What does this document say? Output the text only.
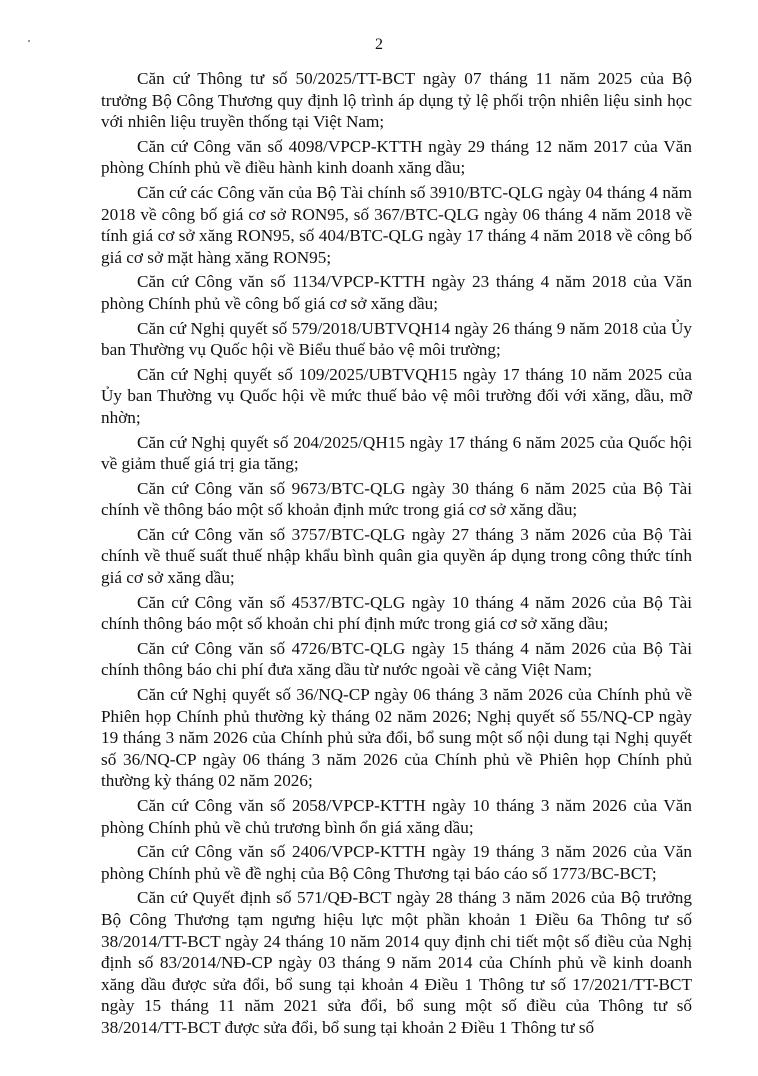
2

Căn cứ Thông tư số 50/2025/TT-BCT ngày 07 tháng 11 năm 2025 của Bộ trưởng Bộ Công Thương quy định lộ trình áp dụng tỷ lệ phối trộn nhiên liệu sinh học với nhiên liệu truyền thống tại Việt Nam;

Căn cứ Công văn số 4098/VPCP-KTTH ngày 29 tháng 12 năm 2017 của Văn phòng Chính phủ về điều hành kinh doanh xăng dầu;

Căn cứ các Công văn của Bộ Tài chính số 3910/BTC-QLG ngày 04 tháng 4 năm 2018 về công bố giá cơ sở RON95, số 367/BTC-QLG ngày 06 tháng 4 năm 2018 về tính giá cơ sở xăng RON95, số 404/BTC-QLG ngày 17 tháng 4 năm 2018 về công bố giá cơ sở mặt hàng xăng RON95;

Căn cứ Công văn số 1134/VPCP-KTTH ngày 23 tháng 4 năm 2018 của Văn phòng Chính phủ về công bố giá cơ sở xăng dầu;

Căn cứ Nghị quyết số 579/2018/UBTVQH14 ngày 26 tháng 9 năm 2018 của Ủy ban Thường vụ Quốc hội về Biểu thuế bảo vệ môi trường;

Căn cứ Nghị quyết số 109/2025/UBTVQH15 ngày 17 tháng 10 năm 2025 của Ủy ban Thường vụ Quốc hội về mức thuế bảo vệ môi trường đối với xăng, dầu, mỡ nhờn;

Căn cứ Nghị quyết số 204/2025/QH15 ngày 17 tháng 6 năm 2025 của Quốc hội về giảm thuế giá trị gia tăng;

Căn cứ Công văn số 9673/BTC-QLG ngày 30 tháng 6 năm 2025 của Bộ Tài chính về thông báo một số khoản định mức trong giá cơ sở xăng dầu;

Căn cứ Công văn số 3757/BTC-QLG ngày 27 tháng 3 năm 2026 của Bộ Tài chính về thuế suất thuế nhập khẩu bình quân gia quyền áp dụng trong công thức tính giá cơ sở xăng dầu;

Căn cứ Công văn số 4537/BTC-QLG ngày 10 tháng 4 năm 2026 của Bộ Tài chính thông báo một số khoản chi phí định mức trong giá cơ sở xăng dầu;

Căn cứ Công văn số 4726/BTC-QLG ngày 15 tháng 4 năm 2026 của Bộ Tài chính thông báo chi phí đưa xăng dầu từ nước ngoài về cảng Việt Nam;

Căn cứ Nghị quyết số 36/NQ-CP ngày 06 tháng 3 năm 2026 của Chính phủ về Phiên họp Chính phủ thường kỳ tháng 02 năm 2026; Nghị quyết số 55/NQ-CP ngày 19 tháng 3 năm 2026 của Chính phủ sửa đổi, bổ sung một số nội dung tại Nghị quyết số 36/NQ-CP ngày 06 tháng 3 năm 2026 của Chính phủ về Phiên họp Chính phủ thường kỳ tháng 02 năm 2026;

Căn cứ Công văn số 2058/VPCP-KTTH ngày 10 tháng 3 năm 2026 của Văn phòng Chính phủ về chủ trương bình ổn giá xăng dầu;

Căn cứ Công văn số 2406/VPCP-KTTH ngày 19 tháng 3 năm 2026 của Văn phòng Chính phủ về đề nghị của Bộ Công Thương tại báo cáo số 1773/BC-BCT;

Căn cứ Quyết định số 571/QĐ-BCT ngày 28 tháng 3 năm 2026 của Bộ trưởng Bộ Công Thương tạm ngưng hiệu lực một phần khoản 1 Điều 6a Thông tư số 38/2014/TT-BCT ngày 24 tháng 10 năm 2014 quy định chi tiết một số điều của Nghị định số 83/2014/NĐ-CP ngày 03 tháng 9 năm 2014 của Chính phủ về kinh doanh xăng dầu được sửa đổi, bổ sung tại khoản 4 Điều 1 Thông tư số 17/2021/TT-BCT ngày 15 tháng 11 năm 2021 sửa đổi, bổ sung một số điều của Thông tư số 38/2014/TT-BCT được sửa đổi, bổ sung tại khoản 2 Điều 1 Thông tư số
